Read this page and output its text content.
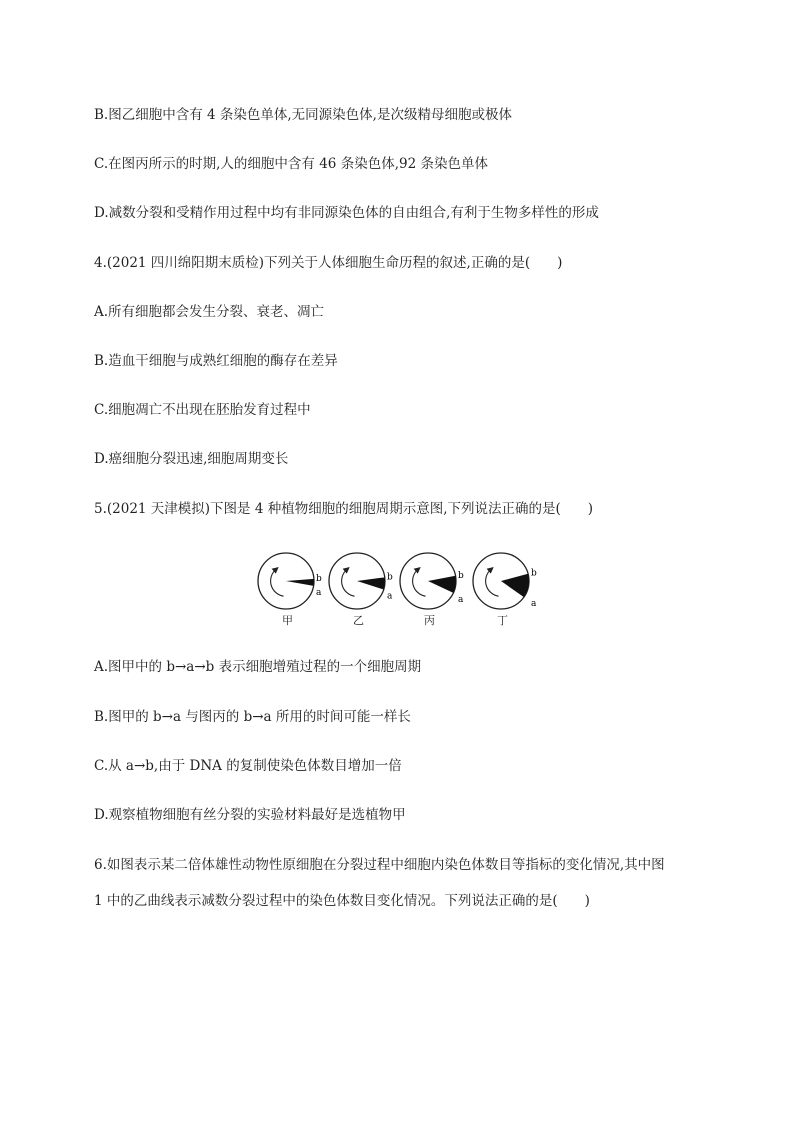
B.图乙细胞中含有 4 条染色单体,无同源染色体,是次级精母细胞或极体
C.在图丙所示的时期,人的细胞中含有 46 条染色体,92 条染色单体
D.减数分裂和受精作用过程中均有非同源染色体的自由组合,有利于生物多样性的形成
4.(2021 四川绵阳期末质检)下列关于人体细胞生命历程的叙述,正确的是(　　)
A.所有细胞都会发生分裂、衰老、凋亡
B.造血干细胞与成熟红细胞的酶存在差异
C.细胞凋亡不出现在胚胎发育过程中
D.癌细胞分裂迅速,细胞周期变长
5.(2021 天津模拟)下图是 4 种植物细胞的细胞周期示意图,下列说法正确的是(　　)
b
a
b
a
b
a
b
a
甲	乙	丙	丁
A.图甲中的 b→a→b 表示细胞增殖过程的一个细胞周期
B.图甲的 b→a 与图丙的 b→a 所用的时间可能一样长
C.从 a→b,由于 DNA 的复制使染色体数目增加一倍
D.观察植物细胞有丝分裂的实验材料最好是选植物甲
6.如图表示某二倍体雄性动物性原细胞在分裂过程中细胞内染色体数目等指标的变化情况,其中图
1 中的乙曲线表示减数分裂过程中的染色体数目变化情况。下列说法正确的是(　　)
